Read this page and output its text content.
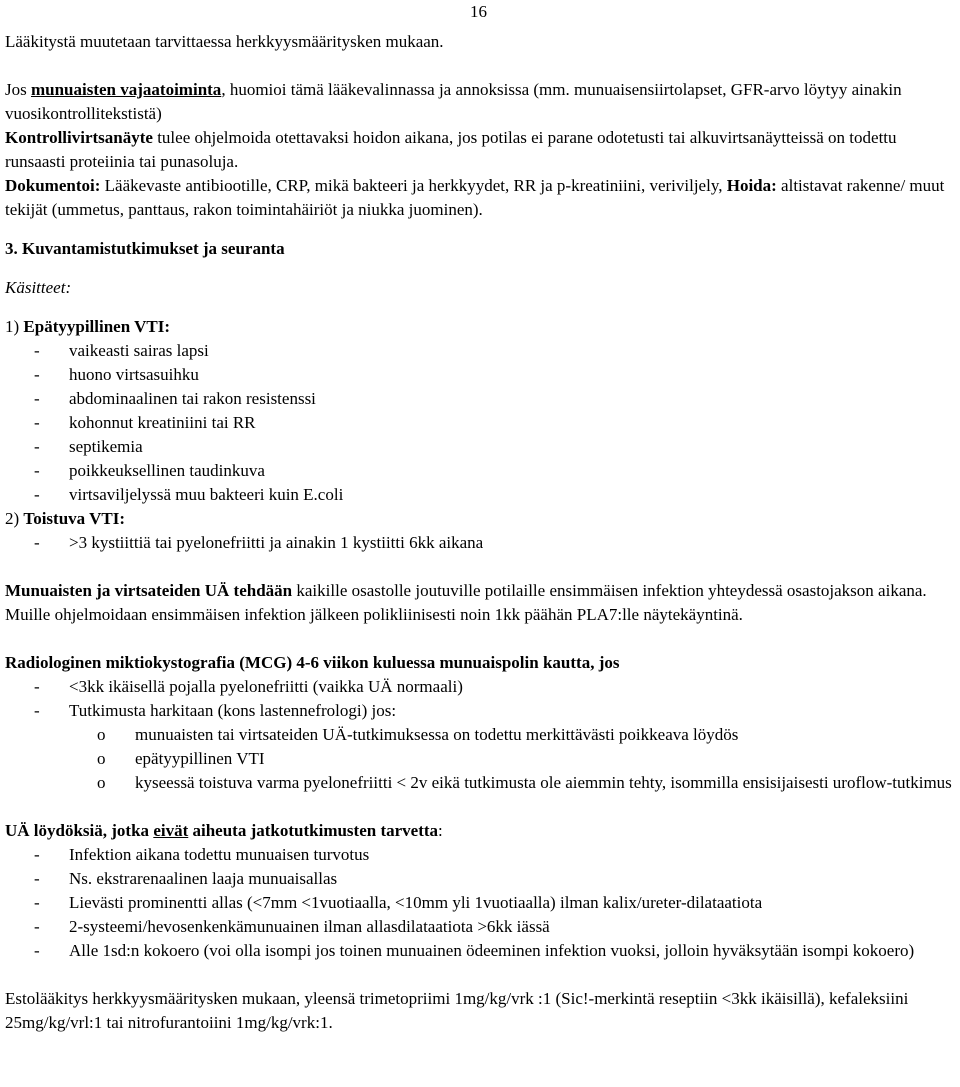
16

Lääkitystä muutetaan tarvittaessa herkkyysmääritysken mukaan.

Jos munuaisten vajaatoiminta, huomioi tämä lääkevalinnassa ja annoksissa (mm. munuaisensiirtolapset, GFR-arvo löytyy ainakin vuosikontrollitekstistä)

Kontrollivirtsanäyte tulee ohjelmoida otettavaksi hoidon aikana, jos potilas ei parane odotetusti tai alkuvirtsanäytteissä on todettu runsaasti proteiinia tai punasoluja.

Dokumentoi: Lääkevaste antibiootille, CRP, mikä bakteeri ja herkkyydet, RR ja p-kreatiniini, veriviljely, Hoida: altistavat rakenne/ muut tekijät (ummetus, panttaus, rakon toimintahäiriöt ja niukka juominen).

3. Kuvantamistutkimukset ja seuranta

Käsitteet:

1) Epätyypillinen VTI:

- vaikeasti sairas lapsi
- huono virtsasuihku
- abdominaalinen tai rakon resistenssi
- kohonnut kreatiniini tai RR
- septikemia
- poikkeuksellinen taudinkuva
- virtsaviljelyssä muu bakteeri kuin E.coli

2) Toistuva VTI:

- >3 kystiittiä tai pyelonefriitti ja ainakin 1 kystiitti 6kk aikana

Munuaisten ja virtsateiden UÄ tehdään kaikille osastolle joutuville potilaille ensimmäisen infektion yhteydessä osastojakson aikana. Muille ohjelmoidaan ensimmäisen infektion jälkeen polikliinisesti noin 1kk päähän PLA7:lle näytekäyntinä.

Radiologinen miktiokystografia (MCG) 4-6 viikon kuluessa munuaispolin kautta, jos

- <3kk ikäisellä pojalla pyelonefriitti (vaikka UÄ normaali)
- Tutkimusta harkitaan (kons lastennefrologi) jos:
o munuaisten tai virtsateiden UÄ-tutkimuksessa on todettu merkittävästi poikkeava löydös
o epätyypillinen VTI
o kyseessä toistuva varma pyelonefriitti < 2v eikä tutkimusta ole aiemmin tehty, isommilla ensisijaisesti uroflow-tutkimus

UÄ löydöksiä, jotka eivät aiheuta jatkotutkimusten tarvetta:

- Infektion aikana todettu munuaisen turvotus
- Ns. ekstrarenaalinen laaja munuaisallas
- Lievästi prominentti allas (<7mm <1vuotiaalla, <10mm yli 1vuotiaalla) ilman kalix/ureter-dilataatiota
- 2-systeemi/hevosenkenkämunuainen ilman allasdilataatiota >6kk iässä
- Alle 1sd:n kokoero (voi olla isompi jos toinen munuainen ödeeminen infektion vuoksi, jolloin hyväksytään isompi kokoero)

Estolääkitys herkkyysmääritysken mukaan, yleensä trimetopriimi 1mg/kg/vrk :1 (Sic!-merkintä reseptiin <3kk ikäisillä), kefaleksiini 25mg/kg/vrl:1 tai nitrofurantoiini 1mg/kg/vrk:1.
